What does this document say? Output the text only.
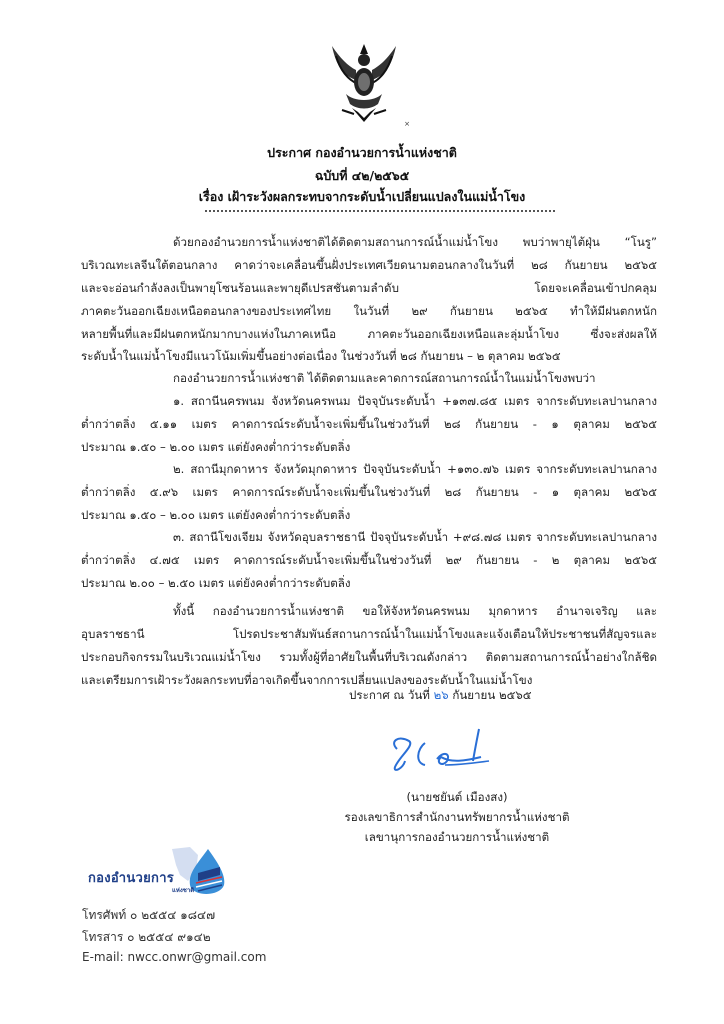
×
ประกาศ กองอำนวยการน้ำแห่งชาติ
ฉบับที่ ๔๒/๒๕๖๕
เรื่อง เฝ้าระวังผลกระทบจากระดับน้ำเปลี่ยนแปลงในแม่น้ำโขง
ด้วยกองอำนวยการน้ำแห่งชาติได้ติดตามสถานการณ์น้ำแม่น้ำโขง พบว่าพายุไต้ฝุ่น “โนรู”
บริเวณทะเลจีนใต้ตอนกลาง คาดว่าจะเคลื่อนขึ้นฝั่งประเทศเวียดนามตอนกลางในวันที่ ๒๘ กันยายน ๒๕๖๕
และจะอ่อนกำลังลงเป็นพายุโซนร้อนและพายุดีเปรสชันตามลำดับ โดยจะเคลื่อนเข้าปกคลุม
ภาคตะวันออกเฉียงเหนือตอนกลางของประเทศไทย ในวันที่ ๒๙ กันยายน ๒๕๖๕ ทำให้มีฝนตกหนัก
หลายพื้นที่และมีฝนตกหนักมากบางแห่งในภาคเหนือ ภาคตะวันออกเฉียงเหนือและลุ่มน้ำโขง ซึ่งจะส่งผลให้
ระดับน้ำในแม่น้ำโขงมีแนวโน้มเพิ่มขึ้นอย่างต่อเนื่อง ในช่วงวันที่ ๒๘ กันยายน – ๒ ตุลาคม ๒๕๖๕
กองอำนวยการน้ำแห่งชาติ ได้ติดตามและคาดการณ์สถานการณ์น้ำในแม่น้ำโขงพบว่า
๑. สถานีนครพนม จังหวัดนครพนม ปัจจุบันระดับน้ำ +๑๓๗.๘๕ เมตร จากระดับทะเลปานกลาง
ต่ำกว่าตลิ่ง ๕.๑๑ เมตร คาดการณ์ระดับน้ำจะเพิ่มขึ้นในช่วงวันที่ ๒๘ กันยายน - ๑ ตุลาคม ๒๕๖๕
ประมาณ ๑.๕๐ – ๒.๐๐ เมตร แต่ยังคงต่ำกว่าระดับตลิ่ง
๒. สถานีมุกดาหาร จังหวัดมุกดาหาร ปัจจุบันระดับน้ำ +๑๓๐.๗๖ เมตร จากระดับทะเลปานกลาง
ต่ำกว่าตลิ่ง ๕.๙๖ เมตร คาดการณ์ระดับน้ำจะเพิ่มขึ้นในช่วงวันที่ ๒๘ กันยายน - ๑ ตุลาคม ๒๕๖๕
ประมาณ ๑.๕๐ – ๒.๐๐ เมตร แต่ยังคงต่ำกว่าระดับตลิ่ง
๓. สถานีโขงเจียม จังหวัดอุบลราชธานี ปัจจุบันระดับน้ำ +๙๘.๗๘ เมตร จากระดับทะเลปานกลาง
ต่ำกว่าตลิ่ง ๔.๗๕ เมตร คาดการณ์ระดับน้ำจะเพิ่มขึ้นในช่วงวันที่ ๒๙ กันยายน - ๒ ตุลาคม ๒๕๖๕
ประมาณ ๒.๐๐ – ๒.๕๐ เมตร แต่ยังคงต่ำกว่าระดับตลิ่ง
ทั้งนี้ กองอำนวยการน้ำแห่งชาติ ขอให้จังหวัดนครพนม มุกดาหาร อำนาจเจริญ และ
อุบลราชธานี โปรดประชาสัมพันธ์สถานการณ์น้ำในแม่น้ำโขงและแจ้งเตือนให้ประชาชนที่สัญจรและ
ประกอบกิจกรรมในบริเวณแม่น้ำโขง รวมทั้งผู้ที่อาศัยในพื้นที่บริเวณดังกล่าว ติดตามสถานการณ์น้ำอย่างใกล้ชิด
และเตรียมการเฝ้าระวังผลกระทบที่อาจเกิดขึ้นจากการเปลี่ยนแปลงของระดับน้ำในแม่น้ำโขง
ประกาศ ณ วันที่ ๒๖ กันยายน ๒๕๖๕
(นายชยันต์ เมืองสง)
รองเลขาธิการสำนักงานทรัพยากรน้ำแห่งชาติ
เลขานุการกองอำนวยการน้ำแห่งชาติ
กองอำนวยการ
แห่งชาติ
โทรศัพท์ ๐ ๒๕๕๔ ๑๘๔๗
โทรสาร ๐ ๒๕๕๔ ๙๑๔๒
E-mail: nwcc.onwr@gmail.com
